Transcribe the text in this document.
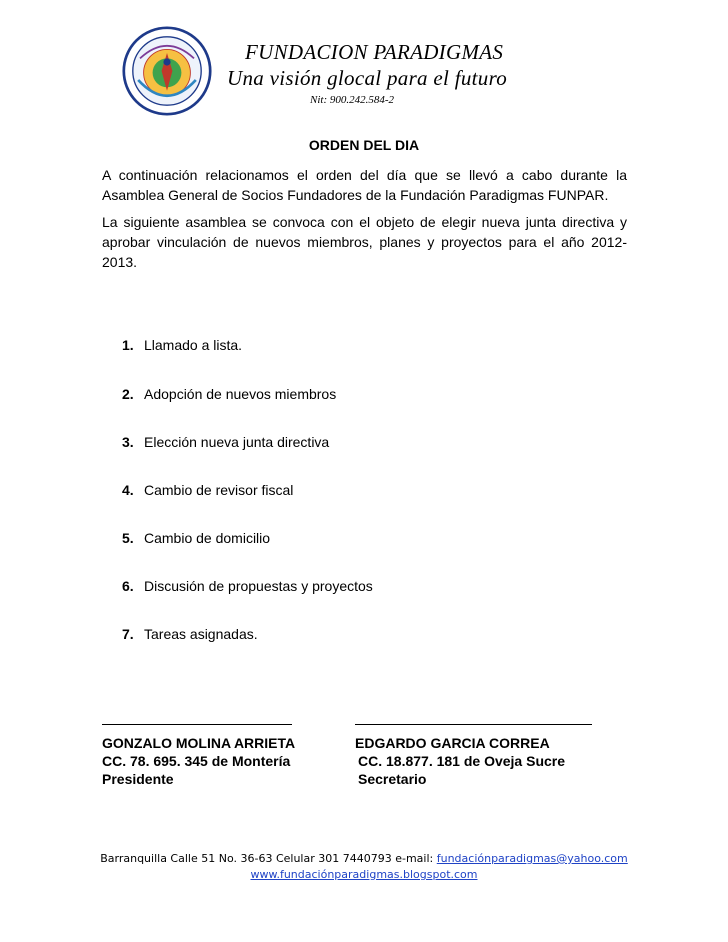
FUNDACION PARADIGMAS
Una visión glocal para el futuro
Nit: 900.242.584-2
ORDEN DEL DIA
A continuación relacionamos el orden del día que se llevó a cabo durante la Asamblea General de Socios Fundadores de la Fundación Paradigmas FUNPAR.
La siguiente asamblea se convoca con el objeto de elegir nueva junta directiva y aprobar vinculación de nuevos miembros, planes y proyectos para el año 2012-2013.
1. Llamado a lista.
2. Adopción de nuevos miembros
3. Elección nueva junta directiva
4. Cambio de revisor fiscal
5. Cambio de domicilio
6. Discusión de propuestas y proyectos
7. Tareas asignadas.
GONZALO MOLINA ARRIETA
CC. 78. 695. 345 de Montería
Presidente
EDGARDO GARCIA CORREA
CC. 18.877. 181 de Oveja Sucre
Secretario
Barranquilla Calle 51 No. 36-63 Celular 301 7440793 e-mail: fundaciónparadigmas@yahoo.com
www.fundaciónparadigmas.blogspot.com
